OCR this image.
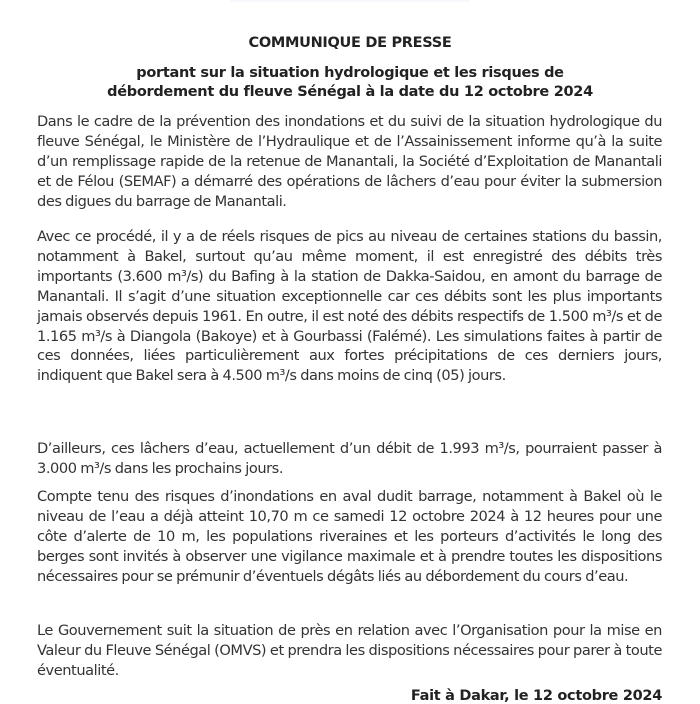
COMMUNIQUE DE PRESSE
portant sur la situation hydrologique et les risques de
débordement du fleuve Sénégal à la date du 12 octobre 2024

Dans le cadre de la prévention des inondations et du suivi de la situation hydrologique du fleuve Sénégal, le Ministère de l’Hydraulique et de l’Assainissement informe qu’à la suite d’un remplissage rapide de la retenue de Manantali, la Société d’Exploitation de Manantali et de Félou (SEMAF) a démarré des opérations de lâchers d’eau pour éviter la submersion des digues du barrage de Manantali.

Avec ce procédé, il y a de réels risques de pics au niveau de certaines stations du bassin, notamment à Bakel, surtout qu’au même moment, il est enregistré des débits très importants (3.600 m³/s) du Bafing à la station de Dakka-Saidou, en amont du barrage de Manantali. Il s’agit d’une situation exceptionnelle car ces débits sont les plus importants jamais observés depuis 1961. En outre, il est noté des débits respectifs de 1.500 m³/s et de 1.165 m³/s à Diangola (Bakoye) et à Gourbassi (Falémé). Les simulations faites à partir de ces données, liées particulièrement aux fortes précipitations de ces derniers jours, indiquent que Bakel sera à 4.500 m³/s dans moins de cinq (05) jours.

D’ailleurs, ces lâchers d’eau, actuellement d’un débit de 1.993 m³/s, pourraient passer à 3.000 m³/s dans les prochains jours.

Compte tenu des risques d’inondations en aval dudit barrage, notamment à Bakel où le niveau de l’eau a déjà atteint 10,70 m ce samedi 12 octobre 2024 à 12 heures pour une côte d’alerte de 10 m, les populations riveraines et les porteurs d’activités le long des berges sont invités à observer une vigilance maximale et à prendre toutes les dispositions nécessaires pour se prémunir d’éventuels dégâts liés au débordement du cours d’eau.

Le Gouvernement suit la situation de près en relation avec l’Organisation pour la mise en Valeur du Fleuve Sénégal (OMVS) et prendra les dispositions nécessaires pour parer à toute éventualité.

Fait à Dakar, le 12 octobre 2024
